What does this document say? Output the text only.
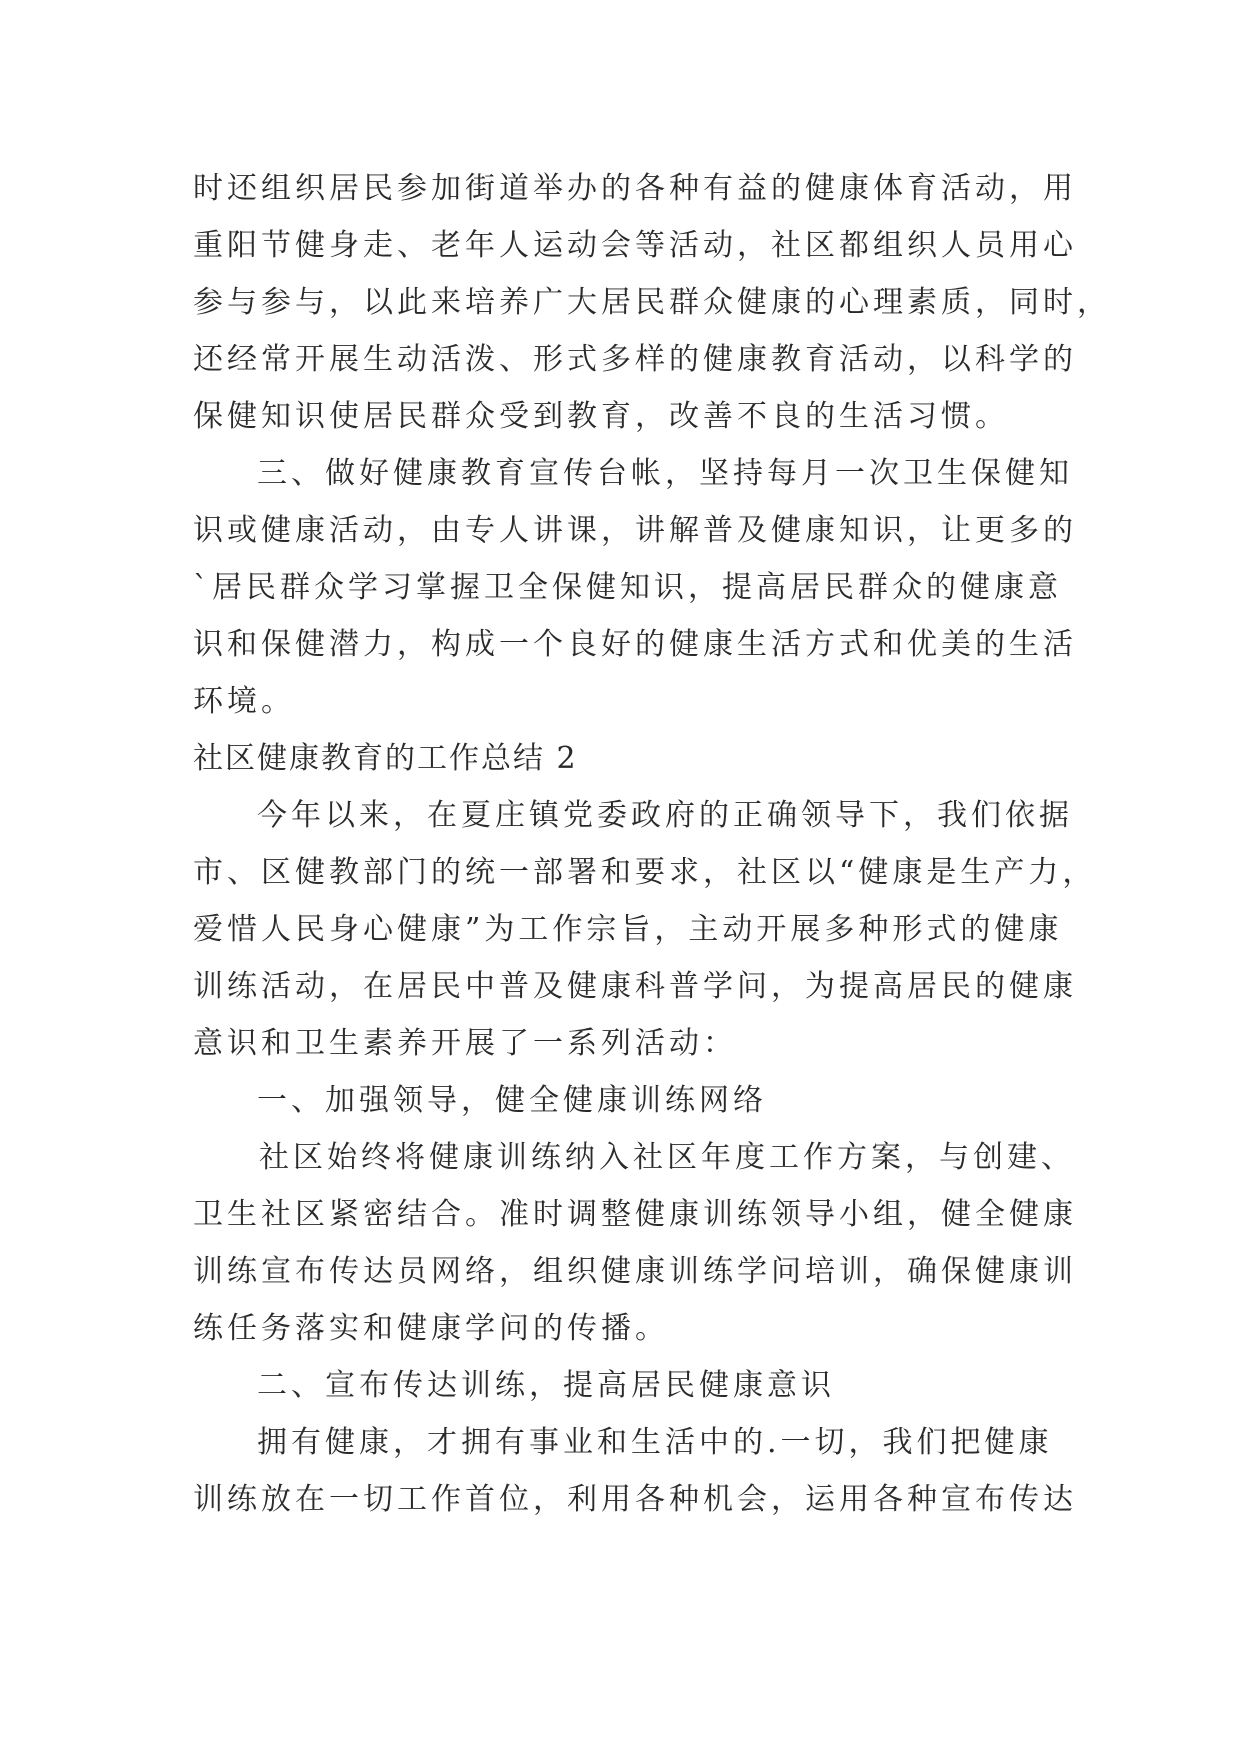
时还组织居民参加街道举办的各种有益的健康体育活动，用
重阳节健身走、老年人运动会等活动，社区都组织人员用心
参与参与，以此来培养广大居民群众健康的心理素质，同时，
还经常开展生动活泼、形式多样的健康教育活动，以科学的
保健知识使居民群众受到教育，改善不良的生活习惯。
三、做好健康教育宣传台帐，坚持每月一次卫生保健知
识或健康活动，由专人讲课，讲解普及健康知识，让更多的
`居民群众学习掌握卫全保健知识，提高居民群众的健康意
识和保健潜力，构成一个良好的健康生活方式和优美的生活
环境。
社区健康教育的工作总结 2
今年以来，在夏庄镇党委政府的正确领导下，我们依据
市、区健教部门的统一部署和要求，社区以“健康是生产力，
爱惜人民身心健康”为工作宗旨，主动开展多种形式的健康
训练活动，在居民中普及健康科普学问，为提高居民的健康
意识和卫生素养开展了一系列活动：
一、加强领导，健全健康训练网络
社区始终将健康训练纳入社区年度工作方案，与创建、
卫生社区紧密结合。准时调整健康训练领导小组，健全健康
训练宣布传达员网络，组织健康训练学问培训，确保健康训
练任务落实和健康学问的传播。
二、宣布传达训练，提高居民健康意识
拥有健康，才拥有事业和生活中的.一切，我们把健康
训练放在一切工作首位，利用各种机会，运用各种宣布传达
